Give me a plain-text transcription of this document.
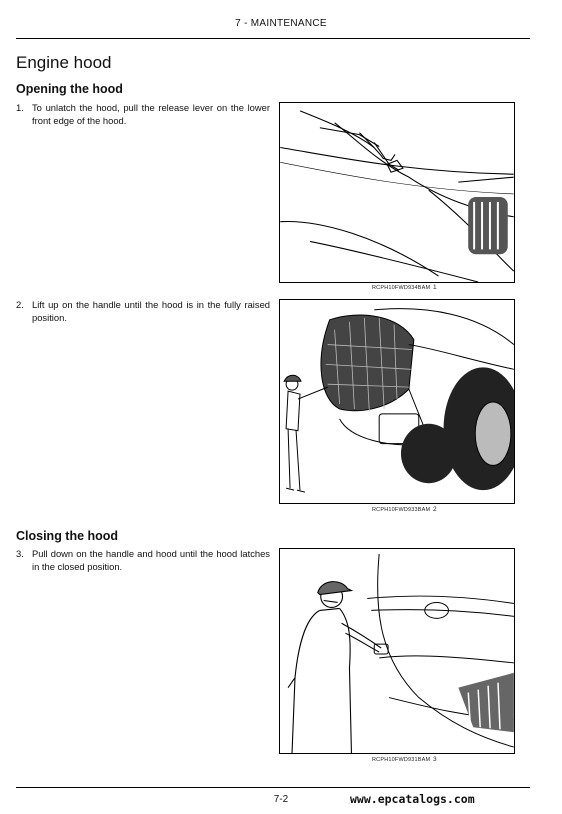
7 - MAINTENANCE
Engine hood
Opening the hood
1. To unlatch the hood, pull the release lever on the lower front edge of the hood.
RCPH10FWD934BAM 1
2. Lift up on the handle until the hood is in the fully raised position.
RCPH10FWD933BAM 2
Closing the hood
3. Pull down on the handle and hood until the hood latches in the closed position.
RCPH10FWD931BAM 3
7-2	www.epcatalogs.com
